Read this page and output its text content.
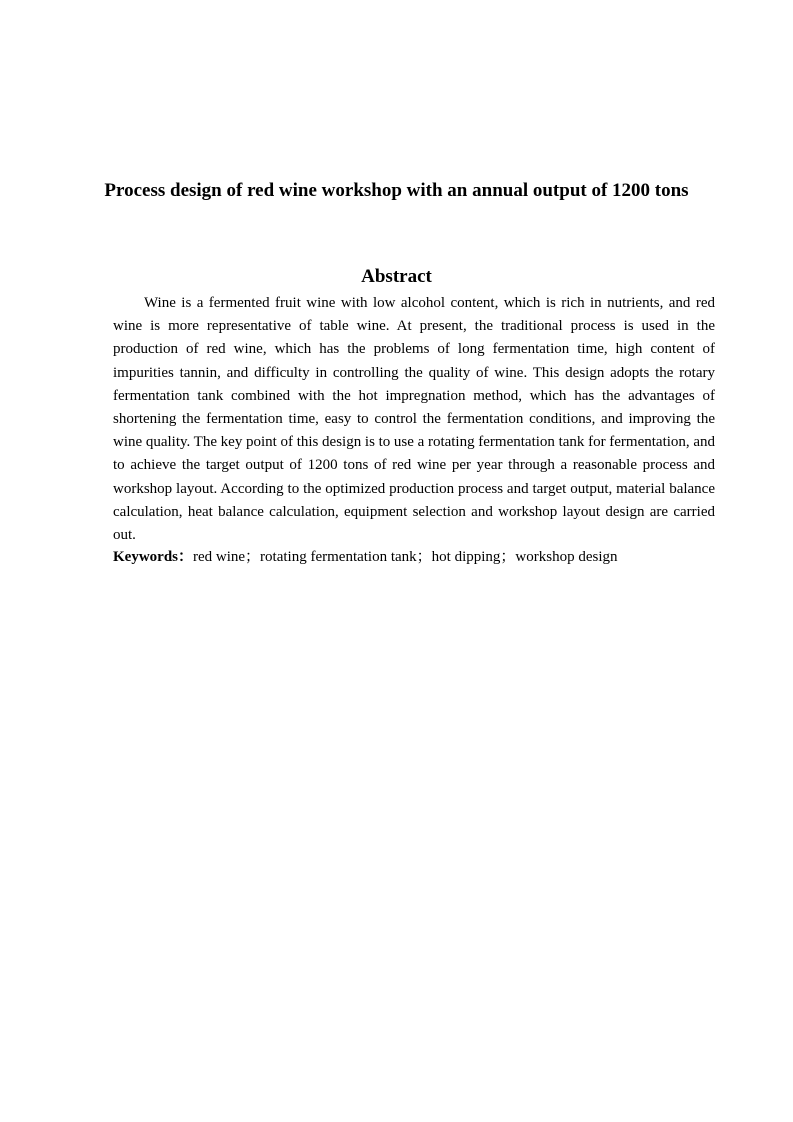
Process design of red wine workshop with an annual output of 1200 tons
Abstract

Wine is a fermented fruit wine with low alcohol content, which is rich in nutrients, and red wine is more representative of table wine. At present, the traditional process is used in the production of red wine, which has the problems of long fermentation time, high content of impurities tannin, and difficulty in controlling the quality of wine. This design adopts the rotary fermentation tank combined with the hot impregnation method, which has the advantages of shortening the fermentation time, easy to control the fermentation conditions, and improving the wine quality. The key point of this design is to use a rotating fermentation tank for fermentation, and to achieve the target output of 1200 tons of red wine per year through a reasonable process and workshop layout. According to the optimized production process and target output, material balance calculation, heat balance calculation, equipment selection and workshop layout design are carried out.

Keywords：red wine；rotating fermentation tank；hot dipping；workshop design
